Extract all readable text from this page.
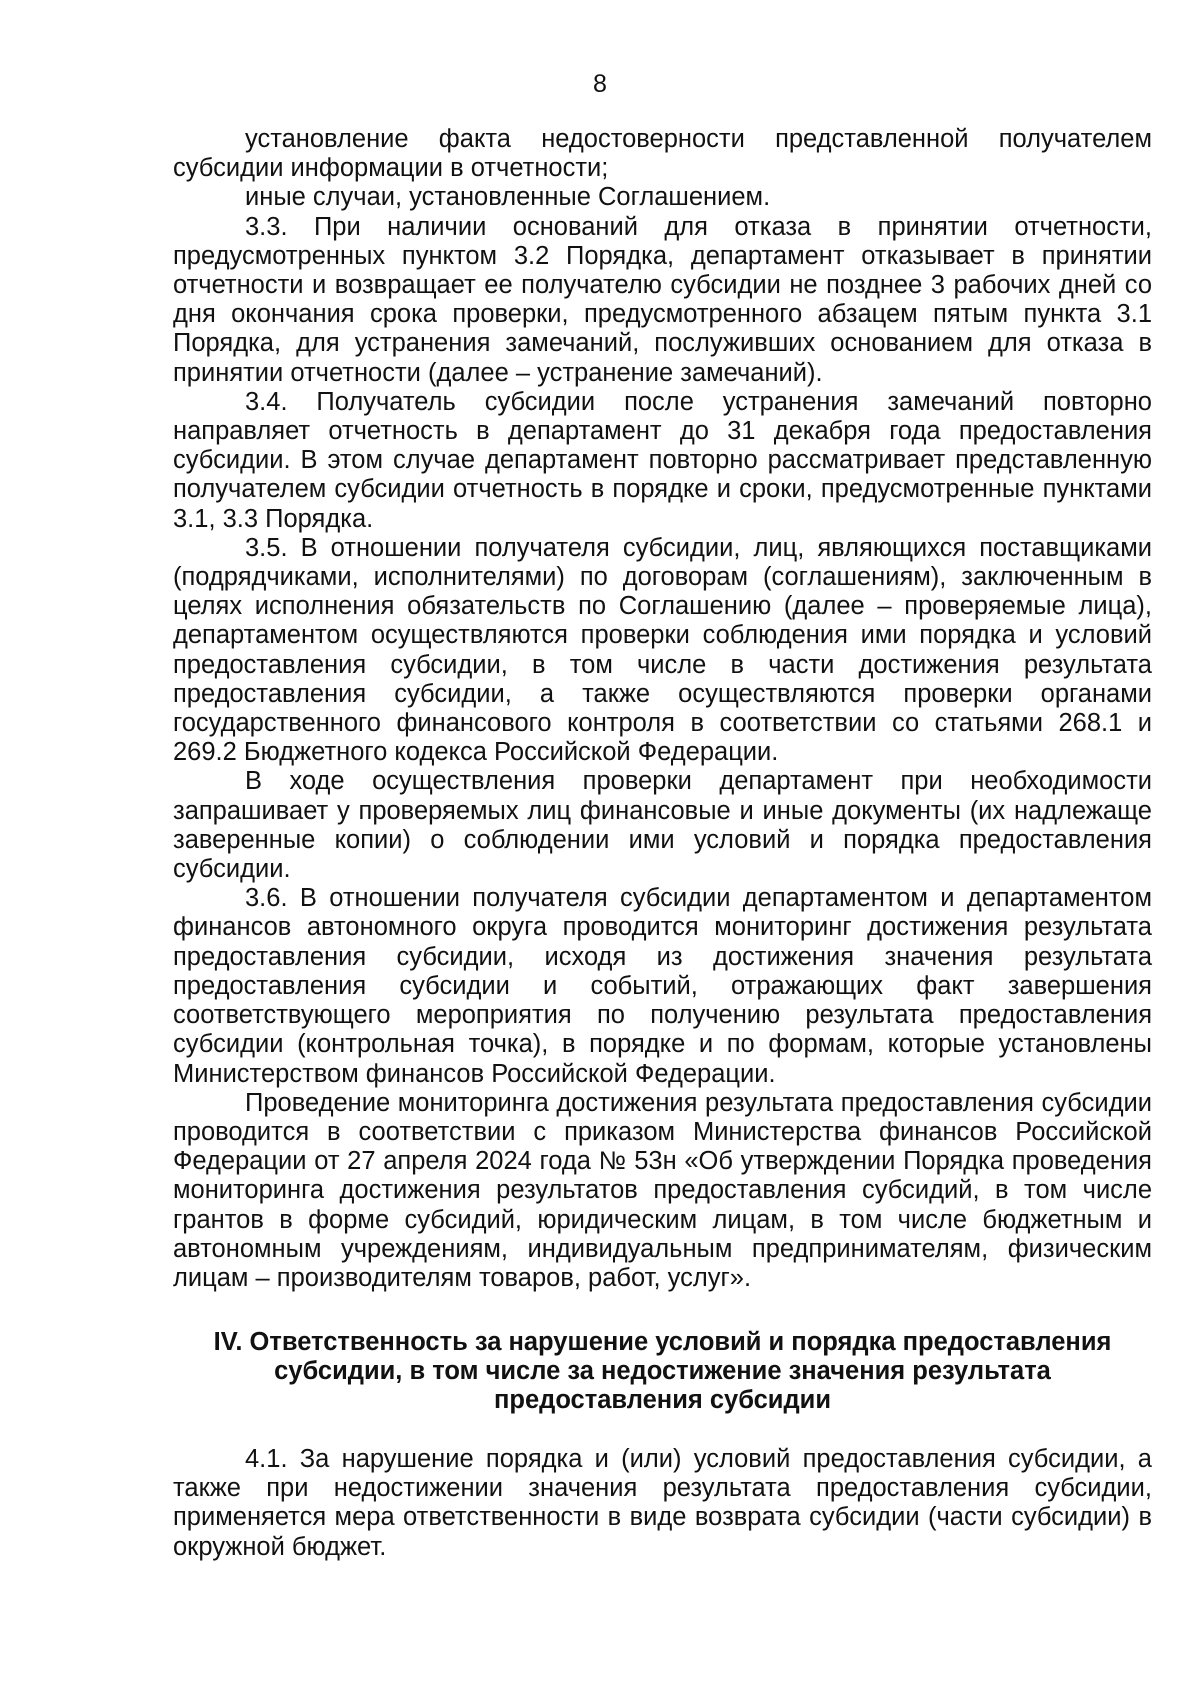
8

установление факта недостоверности представленной получателем субсидии информации в отчетности;

иные случаи, установленные Соглашением.

3.3. При наличии оснований для отказа в принятии отчетности, предусмотренных пунктом 3.2 Порядка, департамент отказывает в принятии отчетности и возвращает ее получателю субсидии не позднее 3 рабочих дней со дня окончания срока проверки, предусмотренного абзацем пятым пункта 3.1 Порядка, для устранения замечаний, послуживших основанием для отказа в принятии отчетности (далее – устранение замечаний).

3.4. Получатель субсидии после устранения замечаний повторно направляет отчетность в департамент до 31 декабря года предоставления субсидии. В этом случае департамент повторно рассматривает представленную получателем субсидии отчетность в порядке и сроки, предусмотренные пунктами 3.1, 3.3 Порядка.

3.5. В отношении получателя субсидии, лиц, являющихся поставщиками (подрядчиками, исполнителями) по договорам (соглашениям), заключенным в целях исполнения обязательств по Соглашению (далее – проверяемые лица), департаментом осуществляются проверки соблюдения ими порядка и условий предоставления субсидии, в том числе в части достижения результата предоставления субсидии, а также осуществляются проверки органами государственного финансового контроля в соответствии со статьями 268.1 и 269.2 Бюджетного кодекса Российской Федерации.

В ходе осуществления проверки департамент при необходимости запрашивает у проверяемых лиц финансовые и иные документы (их надлежаще заверенные копии) о соблюдении ими условий и порядка предоставления субсидии.

3.6. В отношении получателя субсидии департаментом и департаментом финансов автономного округа проводится мониторинг достижения результата предоставления субсидии, исходя из достижения значения результата предоставления субсидии и событий, отражающих факт завершения соответствующего мероприятия по получению результата предоставления субсидии (контрольная точка), в порядке и по формам, которые установлены Министерством финансов Российской Федерации.

Проведение мониторинга достижения результата предоставления субсидии проводится в соответствии с приказом Министерства финансов Российской Федерации от 27 апреля 2024 года № 53н «Об утверждении Порядка проведения мониторинга достижения результатов предоставления субсидий, в том числе грантов в форме субсидий, юридическим лицам, в том числе бюджетным и автономным учреждениям, индивидуальным предпринимателям, физическим лицам – производителям товаров, работ, услуг».

IV. Ответственность за нарушение условий и порядка предоставления субсидии, в том числе за недостижение значения результата предоставления субсидии

4.1. За нарушение порядка и (или) условий предоставления субсидии, а также при недостижении значения результата предоставления субсидии, применяется мера ответственности в виде возврата субсидии (части субсидии) в окружной бюджет.
